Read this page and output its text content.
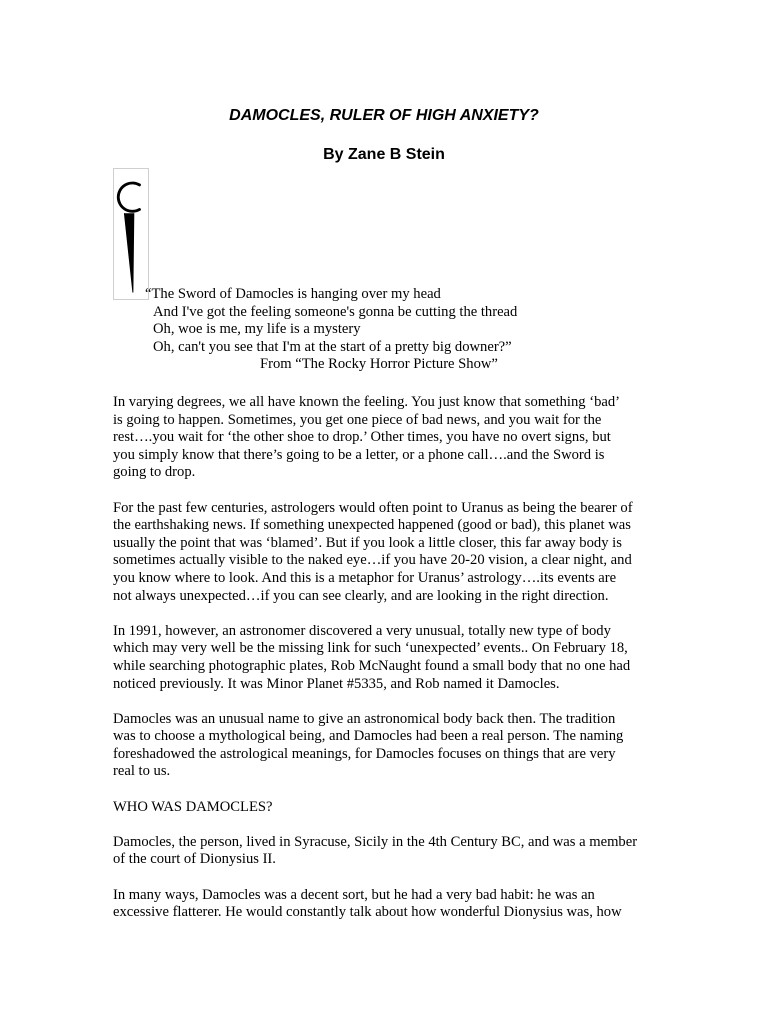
DAMOCLES, RULER OF HIGH ANXIETY?
By Zane B Stein
“The Sword of Damocles is hanging over my head
And I've got the feeling someone's gonna be cutting the thread
Oh, woe is me, my life is a mystery
Oh, can't you see that I'm at the start of a pretty big downer?”
From “The Rocky Horror Picture Show”

In varying degrees, we all have known the feeling. You just know that something ‘bad’
is going to happen. Sometimes, you get one piece of bad news, and you wait for the
rest….you wait for ‘the other shoe to drop.’ Other times, you have no overt signs, but
you simply know that there’s going to be a letter, or a phone call….and the Sword is
going to drop.

For the past few centuries, astrologers would often point to Uranus as being the bearer of
the earthshaking news. If something unexpected happened (good or bad), this planet was
usually the point that was ‘blamed’. But if you look a little closer, this far away body is
sometimes actually visible to the naked eye…if you have 20-20 vision, a clear night, and
you know where to look. And this is a metaphor for Uranus’ astrology….its events are
not always unexpected…if you can see clearly, and are looking in the right direction.

In 1991, however, an astronomer discovered a very unusual, totally new type of body
which may very well be the missing link for such ‘unexpected’ events.. On February 18,
while searching photographic plates, Rob McNaught found a small body that no one had
noticed previously. It was Minor Planet #5335, and Rob named it Damocles.

Damocles was an unusual name to give an astronomical body back then. The tradition
was to choose a mythological being, and Damocles had been a real person. The naming
foreshadowed the astrological meanings, for Damocles focuses on things that are very
real to us.

WHO WAS DAMOCLES?

Damocles, the person, lived in Syracuse, Sicily in the 4th Century BC, and was a member
of the court of Dionysius II.

In many ways, Damocles was a decent sort, but he had a very bad habit: he was an
excessive flatterer. He would constantly talk about how wonderful Dionysius was, how
